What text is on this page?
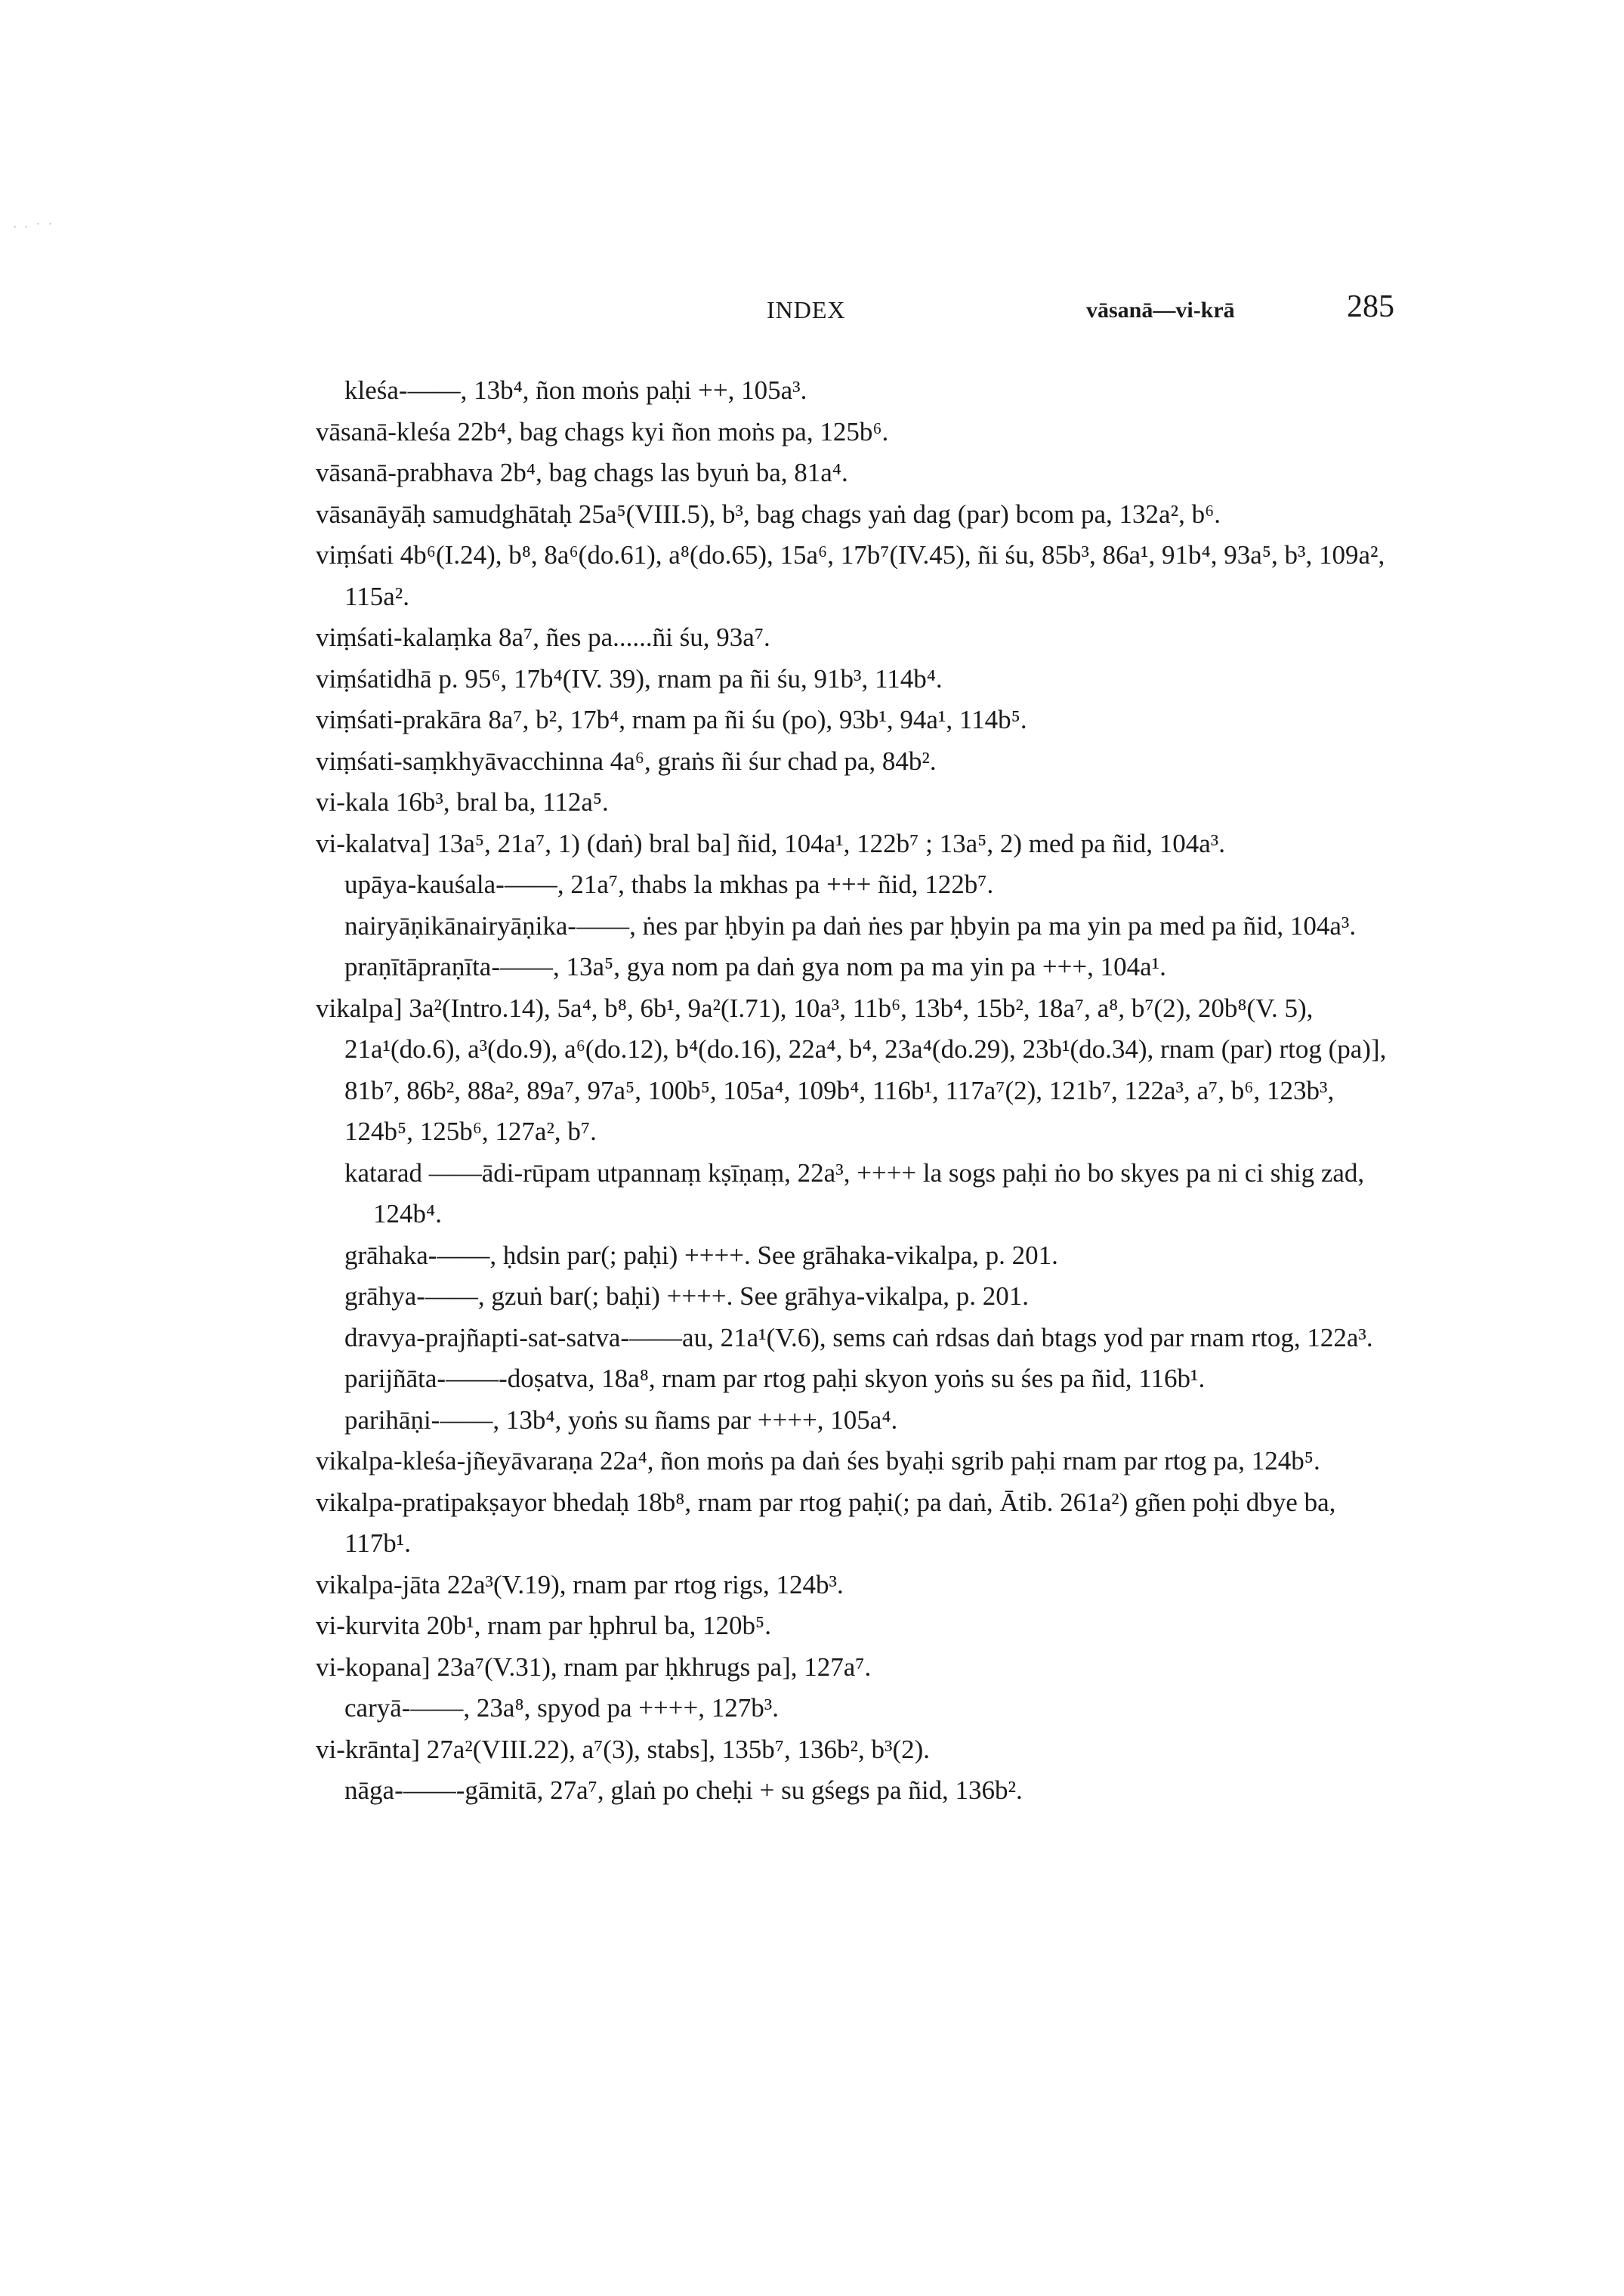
. . · ·
INDEX	vāsanā—vi-krā	285

kleśa-——, 13b⁴, ñon moṅs paḥi ++, 105a³.

vāsanā-kleśa 22b⁴, bag chags kyi ñon moṅs pa, 125b⁶.

vāsanā-prabhava 2b⁴, bag chags las byuṅ ba, 81a⁴.

vāsanāyāḥ samudghātaḥ 25a⁵(VIII.5), b³, bag chags yaṅ dag (par) bcom pa, 132a², b⁶.

viṃśati 4b⁶(I.24), b⁸, 8a⁶(do.61), a⁸(do.65), 15a⁶, 17b⁷(IV.45), ñi śu, 85b³, 86a¹, 91b⁴, 93a⁵, b³, 109a², 115a².

viṃśati-kalaṃka 8a⁷, ñes pa......ñi śu, 93a⁷.

viṃśatidhā p. 95⁶, 17b⁴(IV. 39), rnam pa ñi śu, 91b³, 114b⁴.

viṃśati-prakāra 8a⁷, b², 17b⁴, rnam pa ñi śu (po), 93b¹, 94a¹, 114b⁵.

viṃśati-saṃkhyāvacchinna 4a⁶, graṅs ñi śur chad pa, 84b².

vi-kala 16b³, bral ba, 112a⁵.

vi-kalatva] 13a⁵, 21a⁷, 1) (daṅ) bral ba] ñid, 104a¹, 122b⁷ ; 13a⁵, 2) med pa ñid, 104a³.

upāya-kauśala-——, 21a⁷, thabs la mkhas pa +++ ñid, 122b⁷.

nairyāṇikānairyāṇika-——, ṅes par ḥbyin pa daṅ ṅes par ḥbyin pa ma yin pa med pa ñid, 104a³.

praṇītāpraṇīta-——, 13a⁵, gya nom pa daṅ gya nom pa ma yin pa +++, 104a¹.

vikalpa] 3a²(Intro.14), 5a⁴, b⁸, 6b¹, 9a²(I.71), 10a³, 11b⁶, 13b⁴, 15b², 18a⁷, a⁸, b⁷(2), 20b⁸(V. 5), 21a¹(do.6), a³(do.9), a⁶(do.12), b⁴(do.16), 22a⁴, b⁴, 23a⁴(do.29), 23b¹(do.34), rnam (par) rtog (pa)], 81b⁷, 86b², 88a², 89a⁷, 97a⁵, 100b⁵, 105a⁴, 109b⁴, 116b¹, 117a⁷(2), 121b⁷, 122a³, a⁷, b⁶, 123b³, 124b⁵, 125b⁶, 127a², b⁷.

katarad ——ādi-rūpam utpannaṃ kṣīṇaṃ, 22a³, ++++ la sogs paḥi ṅo bo skyes pa ni ci shig zad, 124b⁴.

grāhaka-——, ḥdsin par(; paḥi) ++++. See grāhaka-vikalpa, p. 201.

grāhya-——, gzuṅ bar(; baḥi) ++++. See grāhya-vikalpa, p. 201.

dravya-prajñapti-sat-satva-——au, 21a¹(V.6), sems caṅ rdsas daṅ btags yod par rnam rtog, 122a³.

parijñāta-——-doṣatva, 18a⁸, rnam par rtog paḥi skyon yoṅs su śes pa ñid, 116b¹.

parihāṇi-——, 13b⁴, yoṅs su ñams par ++++, 105a⁴.

vikalpa-kleśa-jñeyāvaraṇa 22a⁴, ñon moṅs pa daṅ śes byaḥi sgrib paḥi rnam par rtog pa, 124b⁵.

vikalpa-pratipakṣayor bhedaḥ 18b⁸, rnam par rtog paḥi(; pa daṅ, Ātib. 261a²) gñen poḥi dbye ba, 117b¹.

vikalpa-jāta 22a³(V.19), rnam par rtog rigs, 124b³.

vi-kurvita 20b¹, rnam par ḥphrul ba, 120b⁵.

vi-kopana] 23a⁷(V.31), rnam par ḥkhrugs pa], 127a⁷.

caryā-——, 23a⁸, spyod pa ++++, 127b³.

vi-krānta] 27a²(VIII.22), a⁷(3), stabs], 135b⁷, 136b², b³(2).

nāga-——-gāmitā, 27a⁷, glaṅ po cheḥi + su gśegs pa ñid, 136b².
